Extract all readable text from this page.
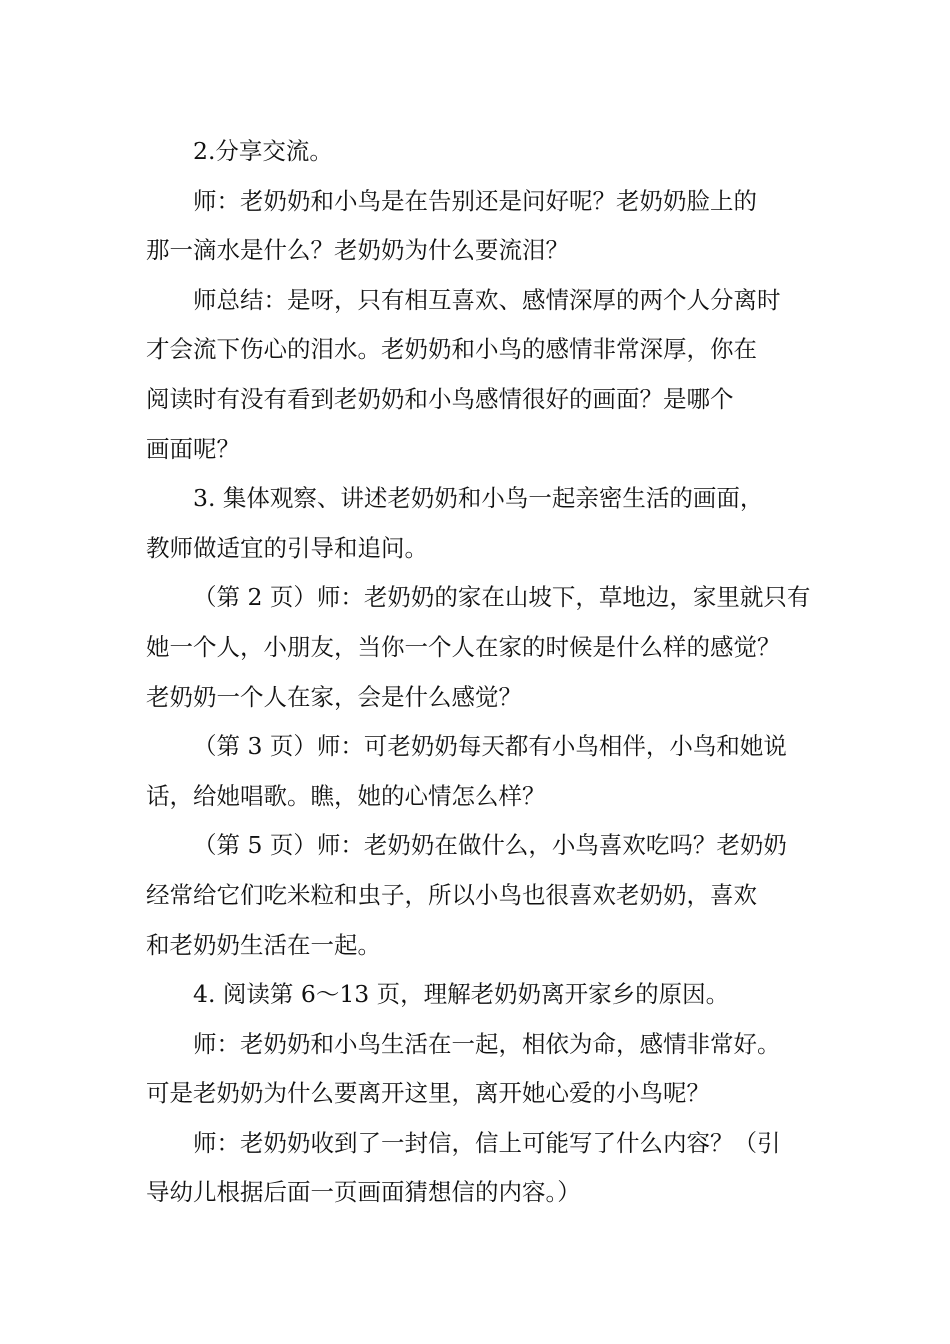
2.分享交流。

师：老奶奶和小鸟是在告别还是问好呢？老奶奶脸上的
那一滴水是什么？老奶奶为什么要流泪？

师总结：是呀，只有相互喜欢、感情深厚的两个人分离时
才会流下伤心的泪水。老奶奶和小鸟的感情非常深厚，你在
阅读时有没有看到老奶奶和小鸟感情很好的画面？是哪个
画面呢？

3. 集体观察、讲述老奶奶和小鸟一起亲密生活的画面，
教师做适宜的引导和追问。

（第 2 页）师：老奶奶的家在山坡下，草地边，家里就只有
她一个人，小朋友，当你一个人在家的时候是什么样的感觉？
老奶奶一个人在家，会是什么感觉？

（第 3 页）师：可老奶奶每天都有小鸟相伴，小鸟和她说
话，给她唱歌。瞧，她的心情怎么样？

（第 5 页）师：老奶奶在做什么，小鸟喜欢吃吗？老奶奶
经常给它们吃米粒和虫子，所以小鸟也很喜欢老奶奶，喜欢
和老奶奶生活在一起。

4. 阅读第 6～13 页，理解老奶奶离开家乡的原因。

师：老奶奶和小鸟生活在一起，相依为命，感情非常好。
可是老奶奶为什么要离开这里，离开她心爱的小鸟呢？

师：老奶奶收到了一封信，信上可能写了什么内容？（引
导幼儿根据后面一页画面猜想信的内容。）
